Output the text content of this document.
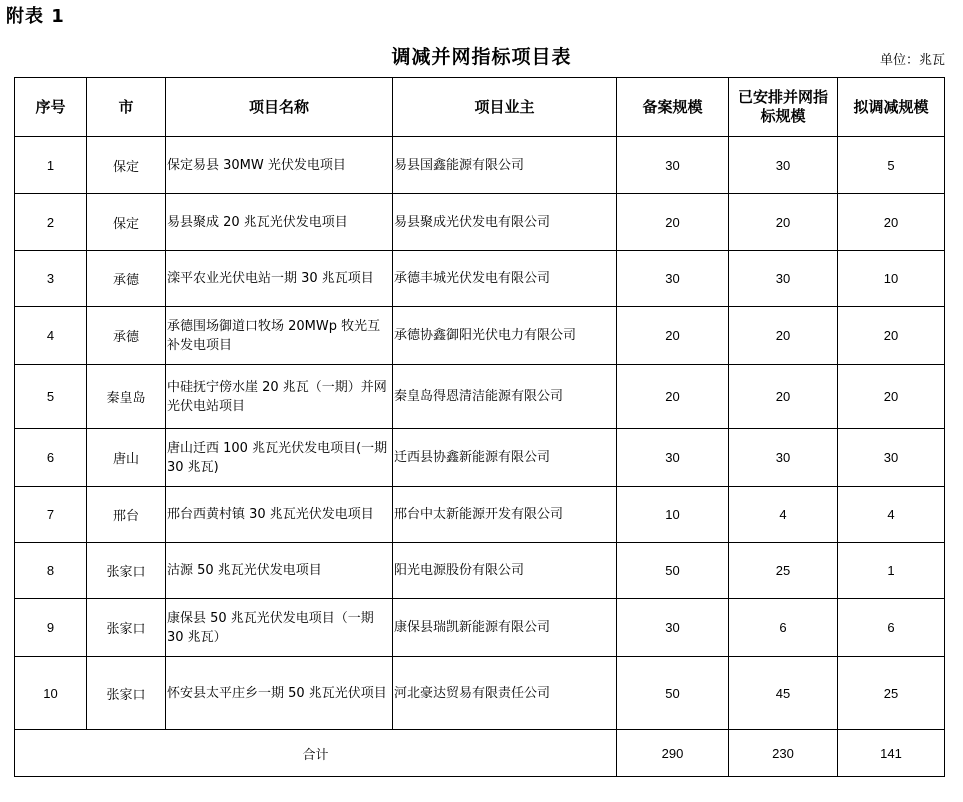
附表 1
调减并网指标项目表	单位：兆瓦
序号	市	项目名称	项目业主	备案规模	已安排并网指标规模	拟调减规模
1	保定	保定易县 30MW 光伏发电项目	易县国鑫能源有限公司	30	30	5
2	保定	易县聚成 20 兆瓦光伏发电项目	易县聚成光伏发电有限公司	20	20	20
3	承德	滦平农业光伏电站一期 30 兆瓦项目	承德丰城光伏发电有限公司	30	30	10
4	承德	承德围场御道口牧场 20MWp 牧光互补发电项目	承德协鑫御阳光伏电力有限公司	20	20	20
5	秦皇岛	中硅抚宁傍水崖 20 兆瓦（一期）并网光伏电站项目	秦皇岛得恩清洁能源有限公司	20	20	20
6	唐山	唐山迁西 100 兆瓦光伏发电项目(一期 30 兆瓦)	迁西县协鑫新能源有限公司	30	30	30
7	邢台	邢台西黄村镇 30 兆瓦光伏发电项目	邢台中太新能源开发有限公司	10	4	4
8	张家口	沽源 50 兆瓦光伏发电项目	阳光电源股份有限公司	50	25	1
9	张家口	康保县 50 兆瓦光伏发电项目（一期 30 兆瓦）	康保县瑞凯新能源有限公司	30	6	6
10	张家口	怀安县太平庄乡一期 50 兆瓦光伏项目	河北豪达贸易有限责任公司	50	45	25
合计				290	230	141
